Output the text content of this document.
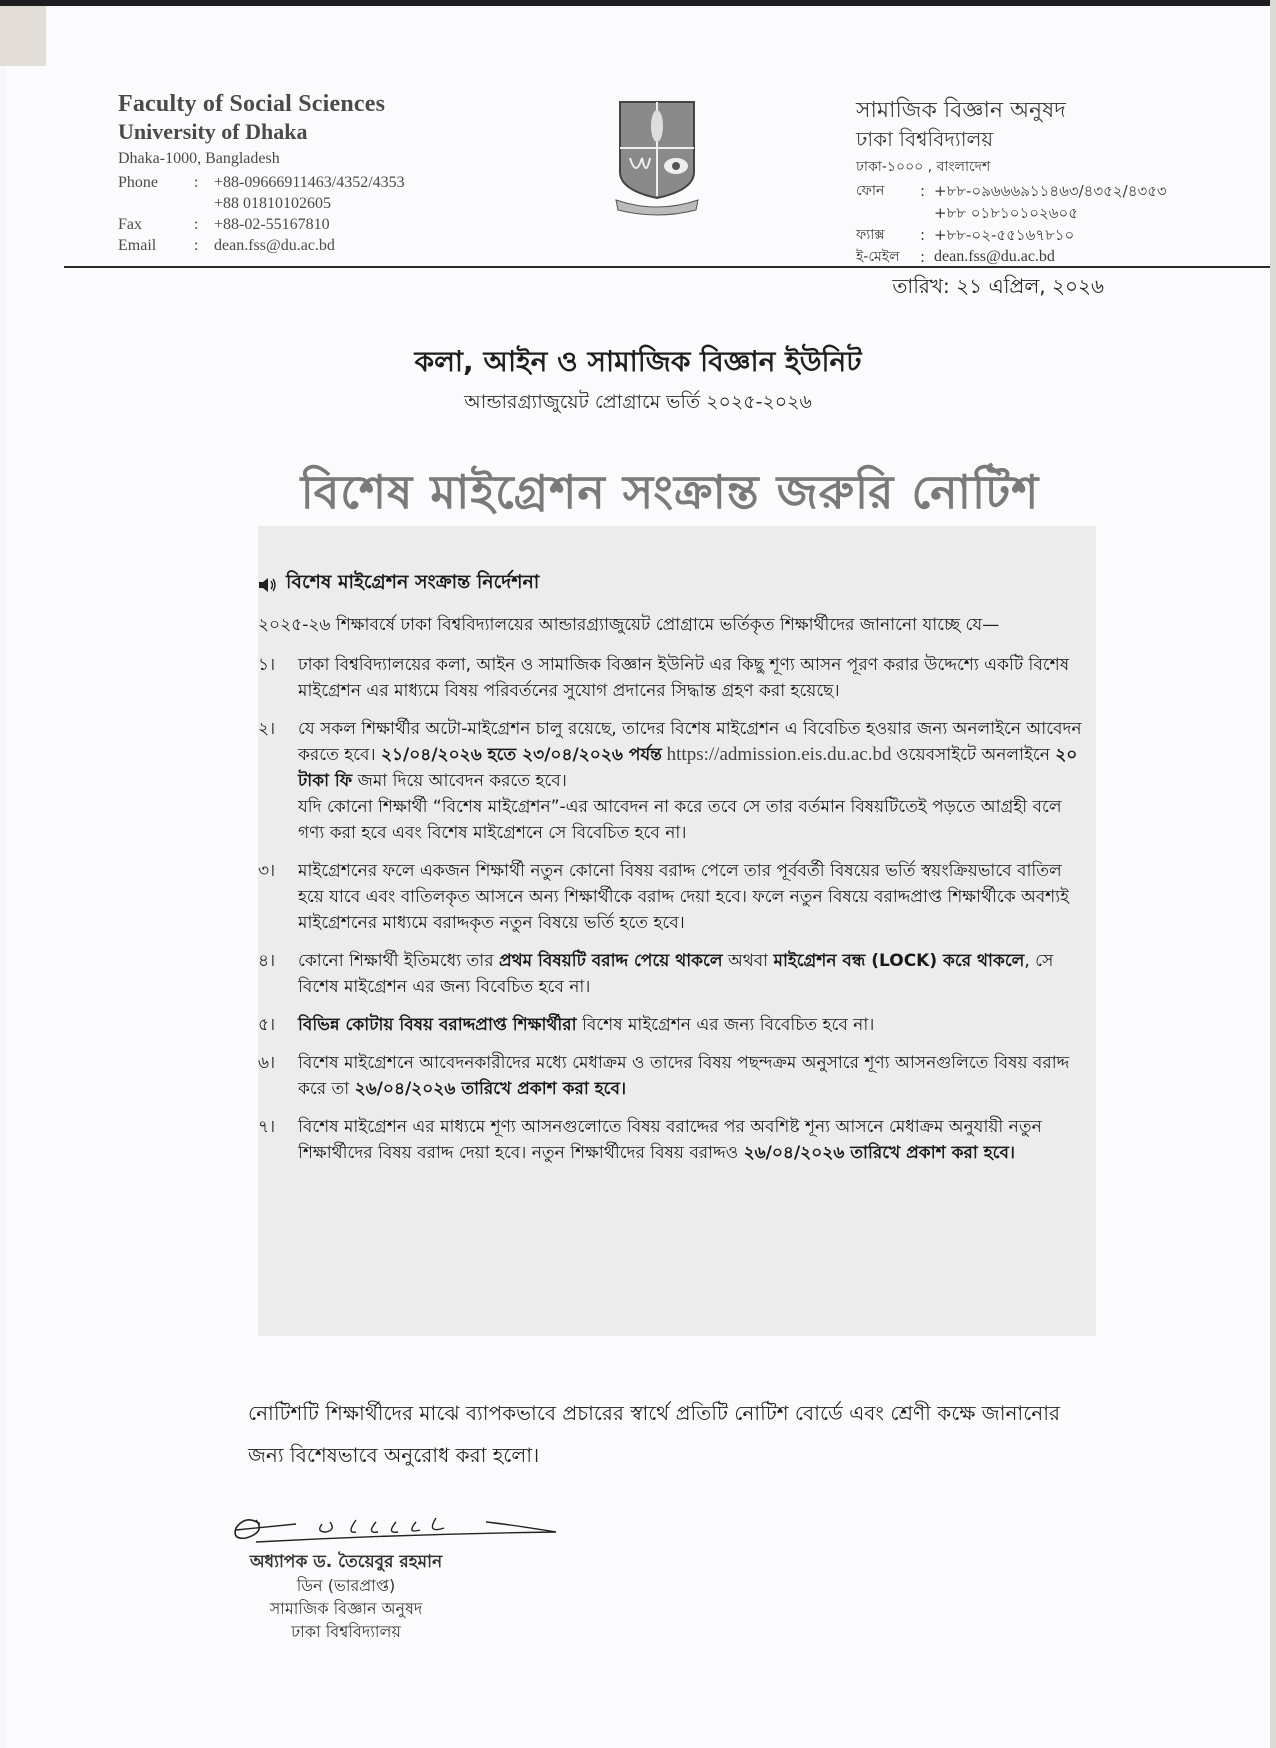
Faculty of Social Sciences
University of Dhaka
Dhaka-1000, Bangladesh
Phone	: +88-09666911463/4352/4353
+88 01810102605
Fax	: +88-02-55167810
Email	: dean.fss@du.ac.bd
সামাজিক বিজ্ঞান অনুষদ
ঢাকা বিশ্ববিদ্যালয়
ঢাকা-১০০০ , বাংলাদেশ
ফোন	: +৮৮-০৯৬৬৬৯১১৪৬৩/৪৩৫২/৪৩৫৩
+৮৮ ০১৮১০১০২৬০৫
ফ্যাক্স	: +৮৮-০২-৫৫১৬৭৮১০
ই-মেইল	: dean.fss@du.ac.bd
তারিখ: ২১ এপ্রিল, ২০২৬
কলা, আইন ও সামাজিক বিজ্ঞান ইউনিট
আন্ডারগ্র্যাজুয়েট প্রোগ্রামে ভর্তি ২০২৫-২০২৬
বিশেষ মাইগ্রেশন সংক্রান্ত জরুরি নোটিশ
বিশেষ মাইগ্রেশন সংক্রান্ত নির্দেশনা
২০২৫-২৬ শিক্ষাবর্ষে ঢাকা বিশ্ববিদ্যালয়ের আন্ডারগ্র্যাজুয়েট প্রোগ্রামে ভর্তিকৃত শিক্ষার্থীদের জানানো যাচ্ছে যে—
১।	ঢাকা বিশ্ববিদ্যালয়ের কলা, আইন ও সামাজিক বিজ্ঞান ইউনিট এর কিছু শূণ্য আসন পূরণ করার উদ্দেশ্যে একটি বিশেষ মাইগ্রেশন এর মাধ্যমে বিষয় পরিবর্তনের সুযোগ প্রদানের সিদ্ধান্ত গ্রহণ করা হয়েছে।
২।	যে সকল শিক্ষার্থীর অটো-মাইগ্রেশন চালু রয়েছে, তাদের বিশেষ মাইগ্রেশন এ বিবেচিত হওয়ার জন্য অনলাইনে আবেদন করতে হবে। ২১/০৪/২০২৬ হতে ২৩/০৪/২০২৬ পর্যন্ত https://admission.eis.du.ac.bd ওয়েবসাইটে অনলাইনে ২০ টাকা ফি জমা দিয়ে আবেদন করতে হবে।
যদি কোনো শিক্ষার্থী “বিশেষ মাইগ্রেশন”-এর আবেদন না করে তবে সে তার বর্তমান বিষয়টিতেই পড়তে আগ্রহী বলে গণ্য করা হবে এবং বিশেষ মাইগ্রেশনে সে বিবেচিত হবে না।
৩।	মাইগ্রেশনের ফলে একজন শিক্ষার্থী নতুন কোনো বিষয় বরাদ্দ পেলে তার পূর্ববর্তী বিষয়ের ভর্তি স্বয়ংক্রিয়ভাবে বাতিল হয়ে যাবে এবং বাতিলকৃত আসনে অন্য শিক্ষার্থীকে বরাদ্দ দেয়া হবে। ফলে নতুন বিষয়ে বরাদ্দপ্রাপ্ত শিক্ষার্থীকে অবশ্যই মাইগ্রেশনের মাধ্যমে বরাদ্দকৃত নতুন বিষয়ে ভর্তি হতে হবে।
৪।	কোনো শিক্ষার্থী ইতিমধ্যে তার প্রথম বিষয়টি বরাদ্দ পেয়ে থাকলে অথবা মাইগ্রেশন বন্ধ (LOCK) করে থাকলে, সে বিশেষ মাইগ্রেশন এর জন্য বিবেচিত হবে না।
৫।	বিভিন্ন কোটায় বিষয় বরাদ্দপ্রাপ্ত শিক্ষার্থীরা বিশেষ মাইগ্রেশন এর জন্য বিবেচিত হবে না।
৬।	বিশেষ মাইগ্রেশনে আবেদনকারীদের মধ্যে মেধাক্রম ও তাদের বিষয় পছন্দক্রম অনুসারে শূণ্য আসনগুলিতে বিষয় বরাদ্দ করে তা ২৬/০৪/২০২৬ তারিখে প্রকাশ করা হবে।
৭।	বিশেষ মাইগ্রেশন এর মাধ্যমে শূণ্য আসনগুলোতে বিষয় বরাদ্দের পর অবশিষ্ট শূন্য আসনে মেধাক্রম অনুযায়ী নতুন শিক্ষার্থীদের বিষয় বরাদ্দ দেয়া হবে। নতুন শিক্ষার্থীদের বিষয় বরাদ্দও ২৬/০৪/২০২৬ তারিখে প্রকাশ করা হবে।
নোটিশটি শিক্ষার্থীদের মাঝে ব্যাপকভাবে প্রচারের স্বার্থে প্রতিটি নোটিশ বোর্ডে এবং শ্রেণী কক্ষে জানানোর জন্য বিশেষভাবে অনুরোধ করা হলো।
অধ্যাপক ড. তৈয়েবুর রহমান
ডিন (ভারপ্রাপ্ত)
সামাজিক বিজ্ঞান অনুষদ
ঢাকা বিশ্ববিদ্যালয়
